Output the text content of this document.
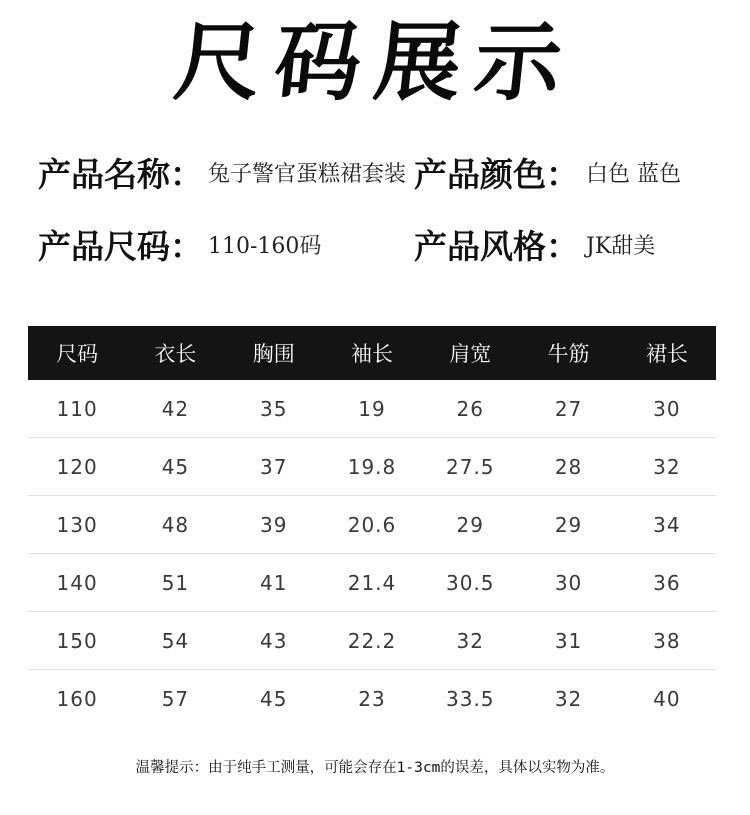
尺码展示
产品名称： 兔子警官蛋糕裙套装 产品颜色： 白色 蓝色
产品尺码： 110-160码	产品风格： JK甜美
尺码	衣长	胸围	袖长	肩宽	牛筋	裙长
110	42	35	19	26	27	30
120	45	37	19.8	27.5	28	32
130	48	39	20.6	29	29	34
140	51	41	21.4	30.5	30	36
150	54	43	22.2	32	31	38
160	57	45	23	33.5	32	40
温馨提示：由于纯手工测量，可能会存在1-3cm的误差，具体以实物为准。
